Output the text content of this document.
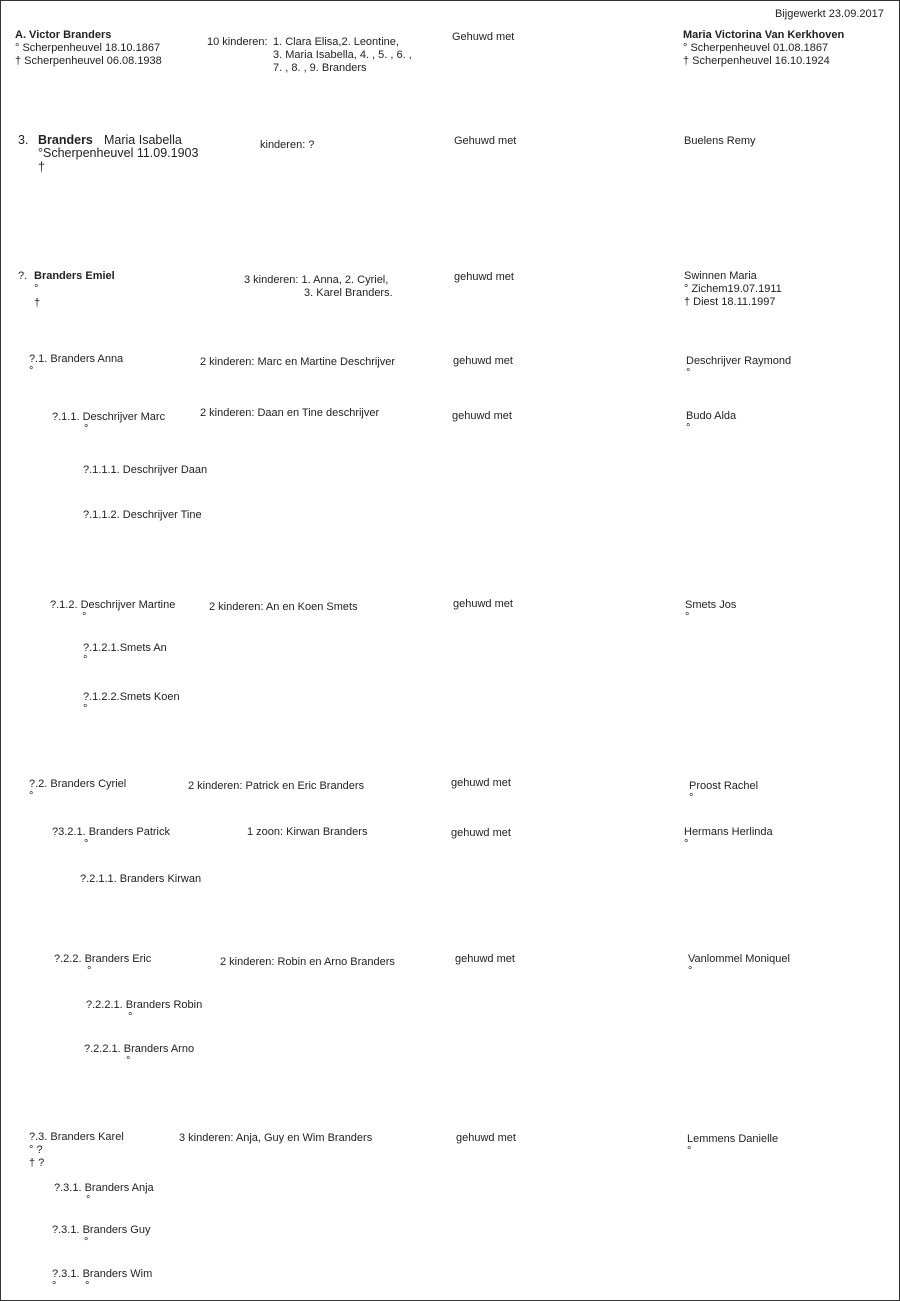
Bijgewerkt 23.09.2017
A. Victor Branders
° Scherpenheuvel 18.10.1867
† Scherpenheuvel 06.08.1938
10 kinderen: 1. Clara Elisa,2. Leontine,
3. Maria Isabella, 4. , 5. , 6. ,
7. , 8. , 9. Branders
Gehuwd met	Maria Victorina Van Kerkhoven
° Scherpenheuvel 01.08.1867
† Scherpenheuvel 16.10.1924
3. Branders Maria Isabella
°Scherpenheuvel 11.09.1903
†
kinderen: ?	Gehuwd met	Buelens Remy
?. Branders Emiel
°
†
3 kinderen: 1. Anna, 2. Cyriel,
3. Karel Branders.
gehuwd met	Swinnen Maria
° Zichem19.07.1911
† Diest 18.11.1997
?.1. Branders Anna
°
2 kinderen: Marc en Martine Deschrijver	gehuwd met	Deschrijver Raymond
°
?.1.1. Deschrijver Marc
°
2 kinderen: Daan en Tine deschrijver	gehuwd met	Budo Alda
°
?.1.1.1. Deschrijver Daan
?.1.1.2. Deschrijver Tine
?.1.2. Deschrijver Martine
°
2 kinderen: An en Koen Smets	gehuwd met	Smets Jos
°
?.1.2.1.Smets An
°
?.1.2.2.Smets Koen
°
?.2. Branders Cyriel
°
2 kinderen: Patrick en Eric Branders	gehuwd met	Proost Rachel
°
?3.2.1. Branders Patrick
°
1 zoon: Kirwan Branders	gehuwd met	Hermans Herlinda
°
?.2.1.1. Branders Kirwan
?.2.2. Branders Eric
°
2 kinderen: Robin en Arno Branders	gehuwd met	Vanlommel Moniquel
°
?.2.2.1. Branders Robin
°
?.2.2.1. Branders Arno
°
?.3. Branders Karel
° ?
† ?
3 kinderen: Anja, Guy en Wim Branders	gehuwd met	Lemmens Danielle
°
?.3.1. Branders Anja
°
?.3.1. Branders Guy
°
?.3.1. Branders Wim
°	°
